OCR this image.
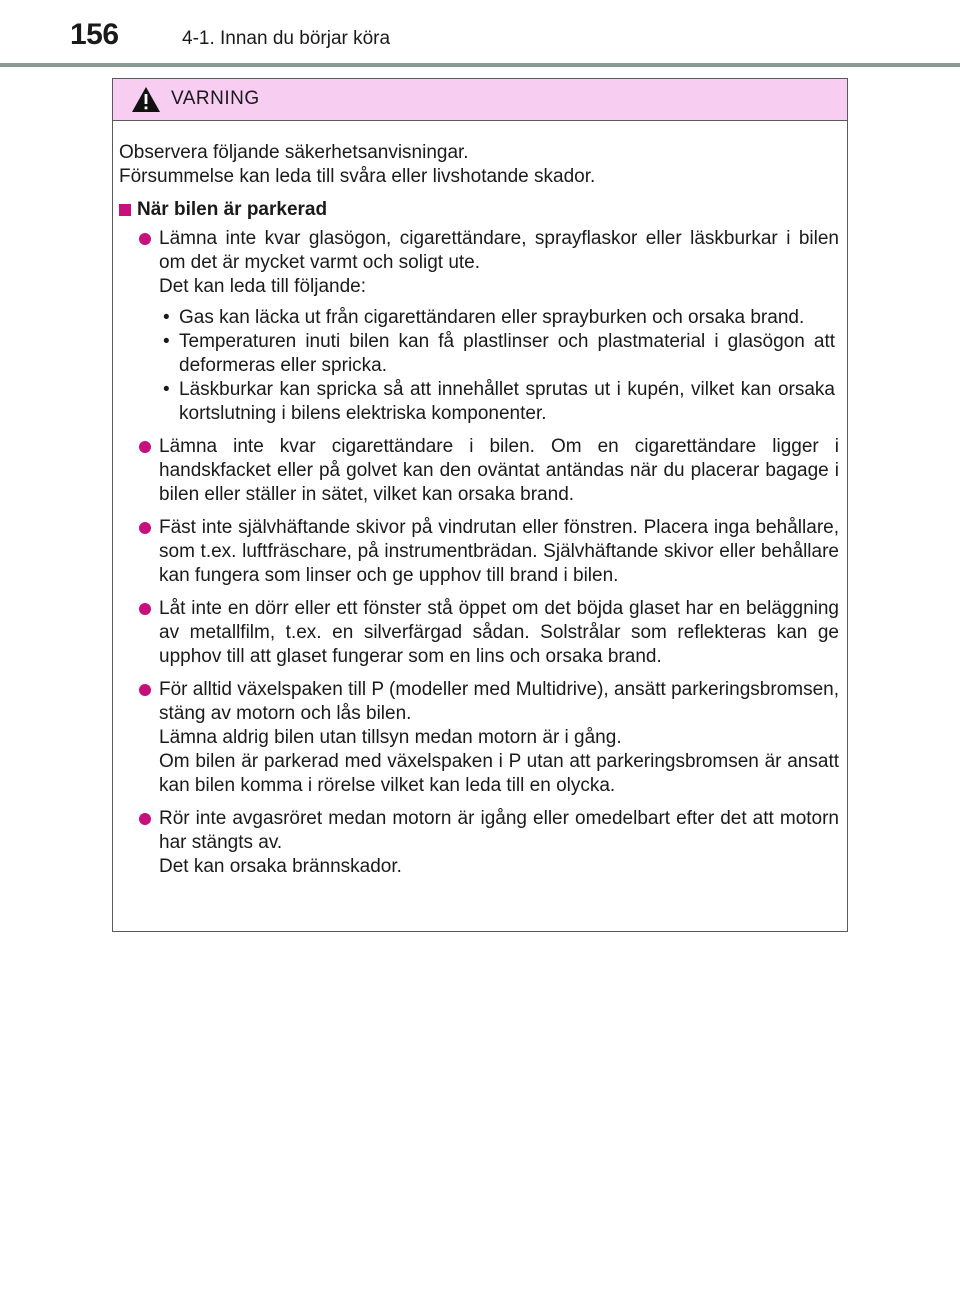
156	4-1. Innan du börjar köra
VARNING

Observera följande säkerhetsanvisningar.

Försummelse kan leda till svåra eller livshotande skador.

När bilen är parkerad

Lämna inte kvar glasögon, cigarettändare, sprayflaskor eller läskburkar i bilen om det är mycket varmt och soligt ute.

Det kan leda till följande:

• Gas kan läcka ut från cigarettändaren eller sprayburken och orsaka brand.
• Temperaturen inuti bilen kan få plastlinser och plastmaterial i glasögon att deformeras eller spricka.
• Läskburkar kan spricka så att innehållet sprutas ut i kupén, vilket kan orsaka kortslutning i bilens elektriska komponenter.

Lämna inte kvar cigarettändare i bilen. Om en cigarettändare ligger i handskfacket eller på golvet kan den oväntat antändas när du placerar bagage i bilen eller ställer in sätet, vilket kan orsaka brand.

Fäst inte självhäftande skivor på vindrutan eller fönstren. Placera inga behållare, som t.ex. luftfräschare, på instrumentbrädan. Självhäftande skivor eller behållare kan fungera som linser och ge upphov till brand i bilen.

Låt inte en dörr eller ett fönster stå öppet om det böjda glaset har en beläggning av metallfilm, t.ex. en silverfärgad sådan. Solstrålar som reflekteras kan ge upphov till att glaset fungerar som en lins och orsaka brand.

För alltid växelspaken till P (modeller med Multidrive), ansätt parkeringsbromsen, stäng av motorn och lås bilen.

Lämna aldrig bilen utan tillsyn medan motorn är i gång.

Om bilen är parkerad med växelspaken i P utan att parkeringsbromsen är ansatt kan bilen komma i rörelse vilket kan leda till en olycka.

Rör inte avgasröret medan motorn är igång eller omedelbart efter det att motorn har stängts av.

Det kan orsaka brännskador.
